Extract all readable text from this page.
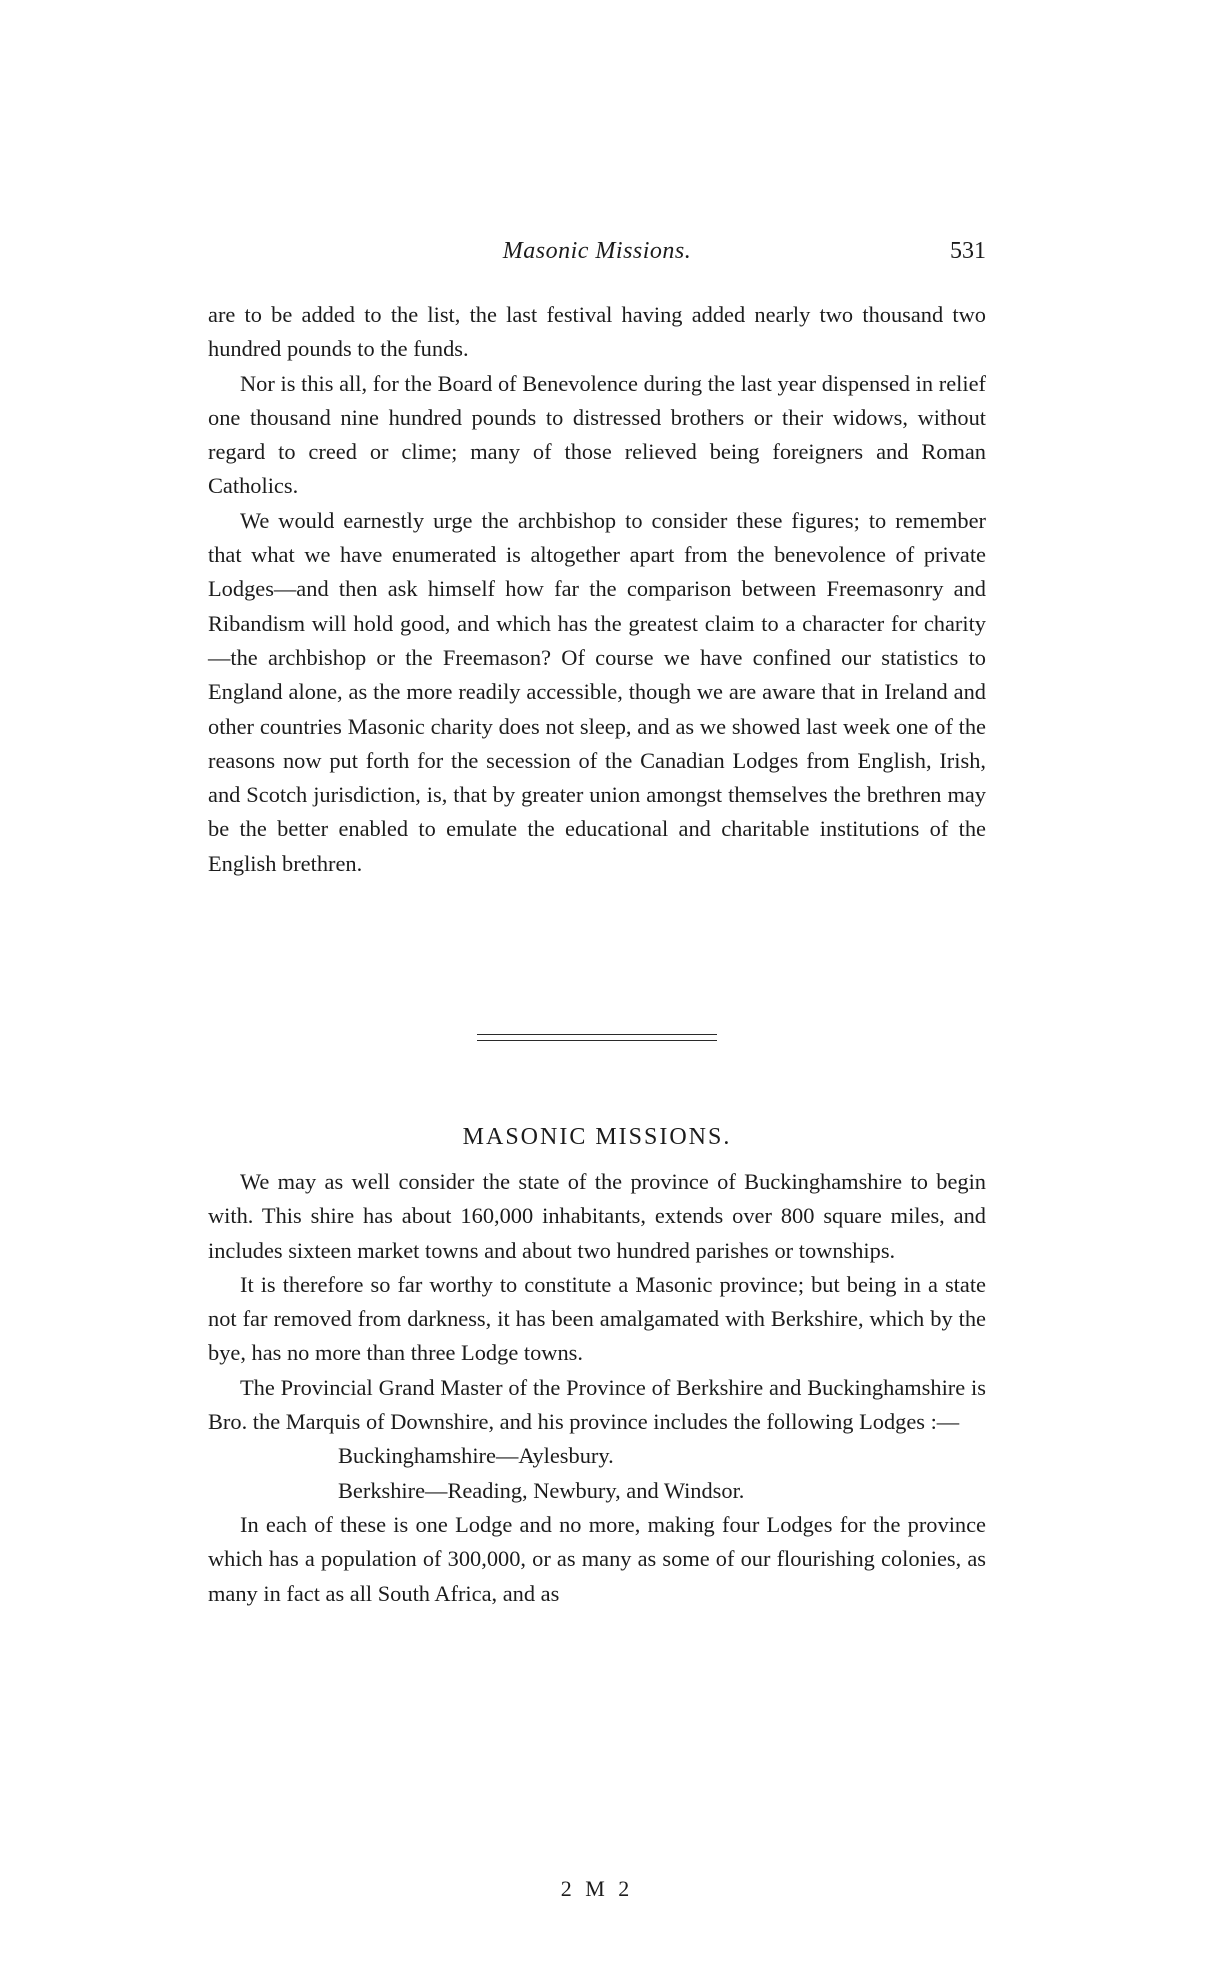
Masonic Missions.	531

are to be added to the list, the last festival having added nearly two thousand two hundred pounds to the funds.

Nor is this all, for the Board of Benevolence during the last year dispensed in relief one thousand nine hundred pounds to distressed brothers or their widows, without regard to creed or clime; many of those relieved being foreigners and Roman Catholics.

We would earnestly urge the archbishop to consider these figures; to remember that what we have enumerated is altogether apart from the benevolence of private Lodges—and then ask himself how far the comparison between Freemasonry and Ribandism will hold good, and which has the greatest claim to a character for charity—the archbishop or the Freemason? Of course we have confined our statistics to England alone, as the more readily accessible, though we are aware that in Ireland and other countries Masonic charity does not sleep, and as we showed last week one of the reasons now put forth for the secession of the Canadian Lodges from English, Irish, and Scotch jurisdiction, is, that by greater union amongst themselves the brethren may be the better enabled to emulate the educational and charitable institutions of the English brethren.

MASONIC MISSIONS.

We may as well consider the state of the province of Buckinghamshire to begin with. This shire has about 160,000 inhabitants, extends over 800 square miles, and includes sixteen market towns and about two hundred parishes or townships.

It is therefore so far worthy to constitute a Masonic province; but being in a state not far removed from darkness, it has been amalgamated with Berkshire, which by the bye, has no more than three Lodge towns.

The Provincial Grand Master of the Province of Berkshire and Buckinghamshire is Bro. the Marquis of Downshire, and his province includes the following Lodges :—

Buckinghamshire—Aylesbury.

Berkshire—Reading, Newbury, and Windsor.

In each of these is one Lodge and no more, making four Lodges for the province which has a population of 300,000, or as many as some of our flourishing colonies, as many in fact as all South Africa, and as

2 M 2
